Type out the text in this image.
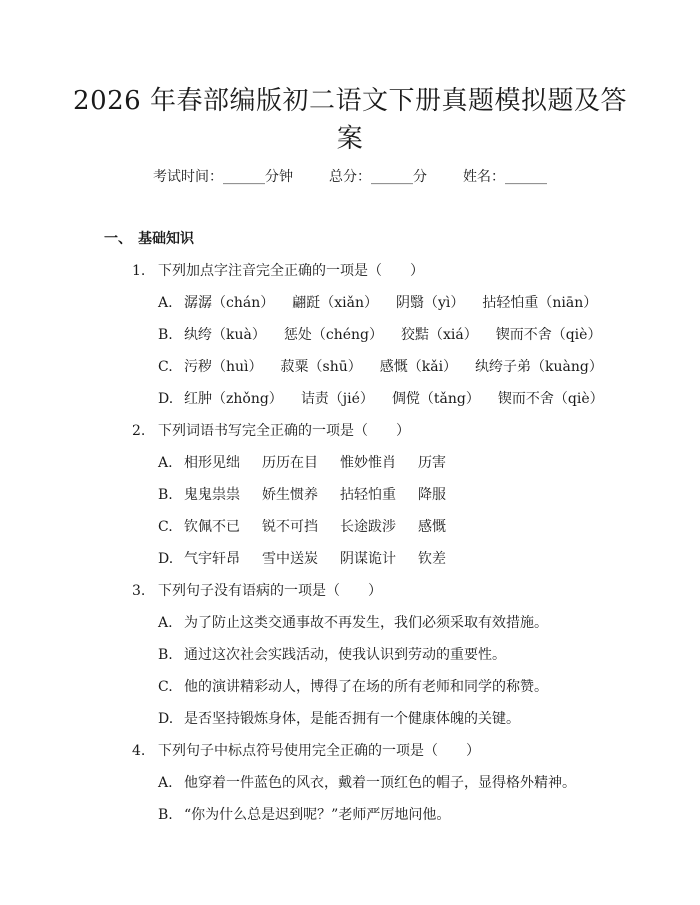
2026 年春部编版初二语文下册真题模拟题及答案
考试时间：______分钟	总分：______分	姓名：______
一、 基础知识
1. 下列加点字注音完全正确的一项是（　　）
A. 潺潺（chán） 翩跹（xiǎn） 阴翳（yì） 拈轻怕重（niān）
B. 纨绔（kuà） 惩处（chéng） 狡黠（xiá） 锲而不舍（qiè）
C. 污秽（huì） 菽粟（shū） 感慨（kǎi） 纨绔子弟（kuàng）
D. 红肿（zhǒng） 诘责（jié） 倜傥（tǎng） 锲而不舍（qiè）
2. 下列词语书写完全正确的一项是（　　）
A. 相形见绌 历历在目 惟妙惟肖 历害
B. 鬼鬼祟祟 娇生惯养 拈轻怕重 降服
C. 钦佩不已 锐不可挡 长途跋涉 感慨
D. 气宇轩昂 雪中送炭 阴谋诡计 钦差
3. 下列句子没有语病的一项是（　　）
A. 为了防止这类交通事故不再发生，我们必须采取有效措施。
B. 通过这次社会实践活动，使我认识到劳动的重要性。
C. 他的演讲精彩动人，博得了在场的所有老师和同学的称赞。
D. 是否坚持锻炼身体，是能否拥有一个健康体魄的关键。
4. 下列句子中标点符号使用完全正确的一项是（　　）
A. 他穿着一件蓝色的风衣，戴着一顶红色的帽子，显得格外精神。
B. “你为什么总是迟到呢？”老师严厉地问他。
